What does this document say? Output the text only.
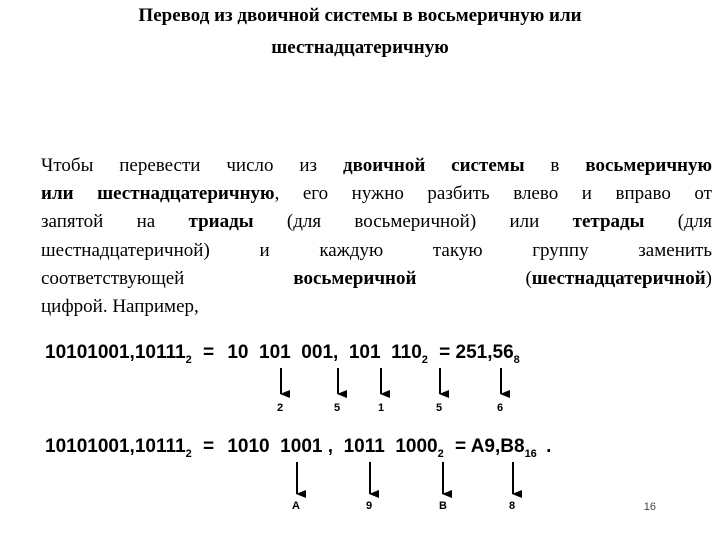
Перевод из двоичной системы в восьмеричную или
шестнадцатеричную
Чтобы перевести число из двоичной системы в восьмеричную
или шестнадцатеричную, его нужно разбить влево и вправо от
запятой на триады (для восьмеричной) или тетрады (для
шестнадцатеричной) и каждую такую группу заменить
соответствующей восьмеричной (шестнадцатеричной)
цифрой. Например,
$10101001,10111_2 = 10$  101  001,  101  $110_2 = 251,56_8$
$10101001,10111_2 = 1010$  1001 ,  1011  $1000_2 = A9,B8_{16}$ .
2	5	1	5	6
A	9	B	8	16
